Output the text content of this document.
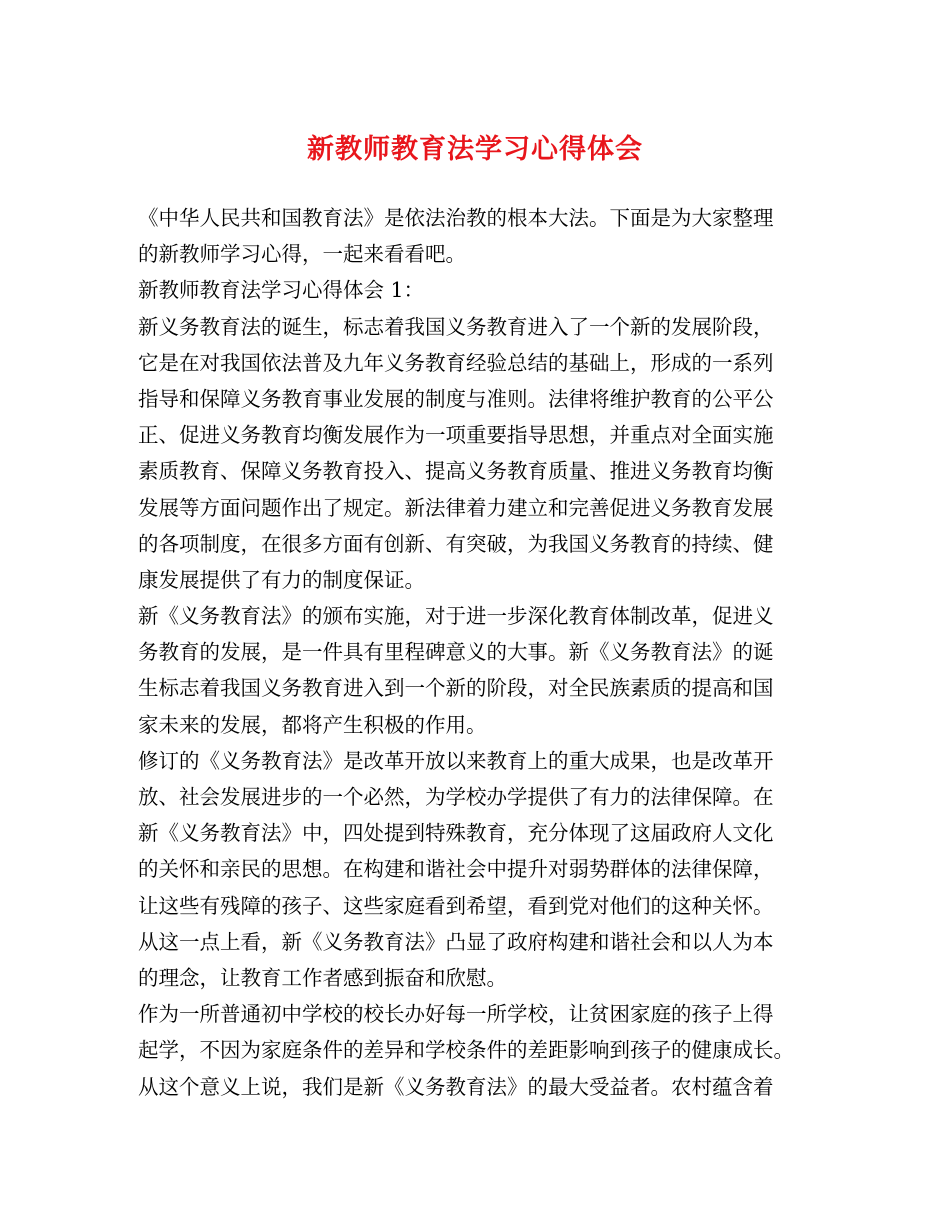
新教师教育法学习心得体会
《中华人民共和国教育法》是依法治教的根本大法。下面是为大家整理
的新教师学习心得，一起来看看吧。
新教师教育法学习心得体会 1：
新义务教育法的诞生，标志着我国义务教育进入了一个新的发展阶段，
它是在对我国依法普及九年义务教育经验总结的基础上，形成的一系列
指导和保障义务教育事业发展的制度与准则。法律将维护教育的公平公
正、促进义务教育均衡发展作为一项重要指导思想，并重点对全面实施
素质教育、保障义务教育投入、提高义务教育质量、推进义务教育均衡
发展等方面问题作出了规定。新法律着力建立和完善促进义务教育发展
的各项制度，在很多方面有创新、有突破，为我国义务教育的持续、健
康发展提供了有力的制度保证。
新《义务教育法》的颁布实施，对于进一步深化教育体制改革，促进义
务教育的发展，是一件具有里程碑意义的大事。新《义务教育法》的诞
生标志着我国义务教育进入到一个新的阶段，对全民族素质的提高和国
家未来的发展，都将产生积极的作用。
修订的《义务教育法》是改革开放以来教育上的重大成果，也是改革开
放、社会发展进步的一个必然，为学校办学提供了有力的法律保障。在
新《义务教育法》中，四处提到特殊教育，充分体现了这届政府人文化
的关怀和亲民的思想。在构建和谐社会中提升对弱势群体的法律保障，
让这些有残障的孩子、这些家庭看到希望，看到党对他们的这种关怀。
从这一点上看，新《义务教育法》凸显了政府构建和谐社会和以人为本
的理念，让教育工作者感到振奋和欣慰。
作为一所普通初中学校的校长办好每一所学校，让贫困家庭的孩子上得
起学，不因为家庭条件的差异和学校条件的差距影响到孩子的健康成长。
从这个意义上说，我们是新《义务教育法》的最大受益者。农村蕴含着
